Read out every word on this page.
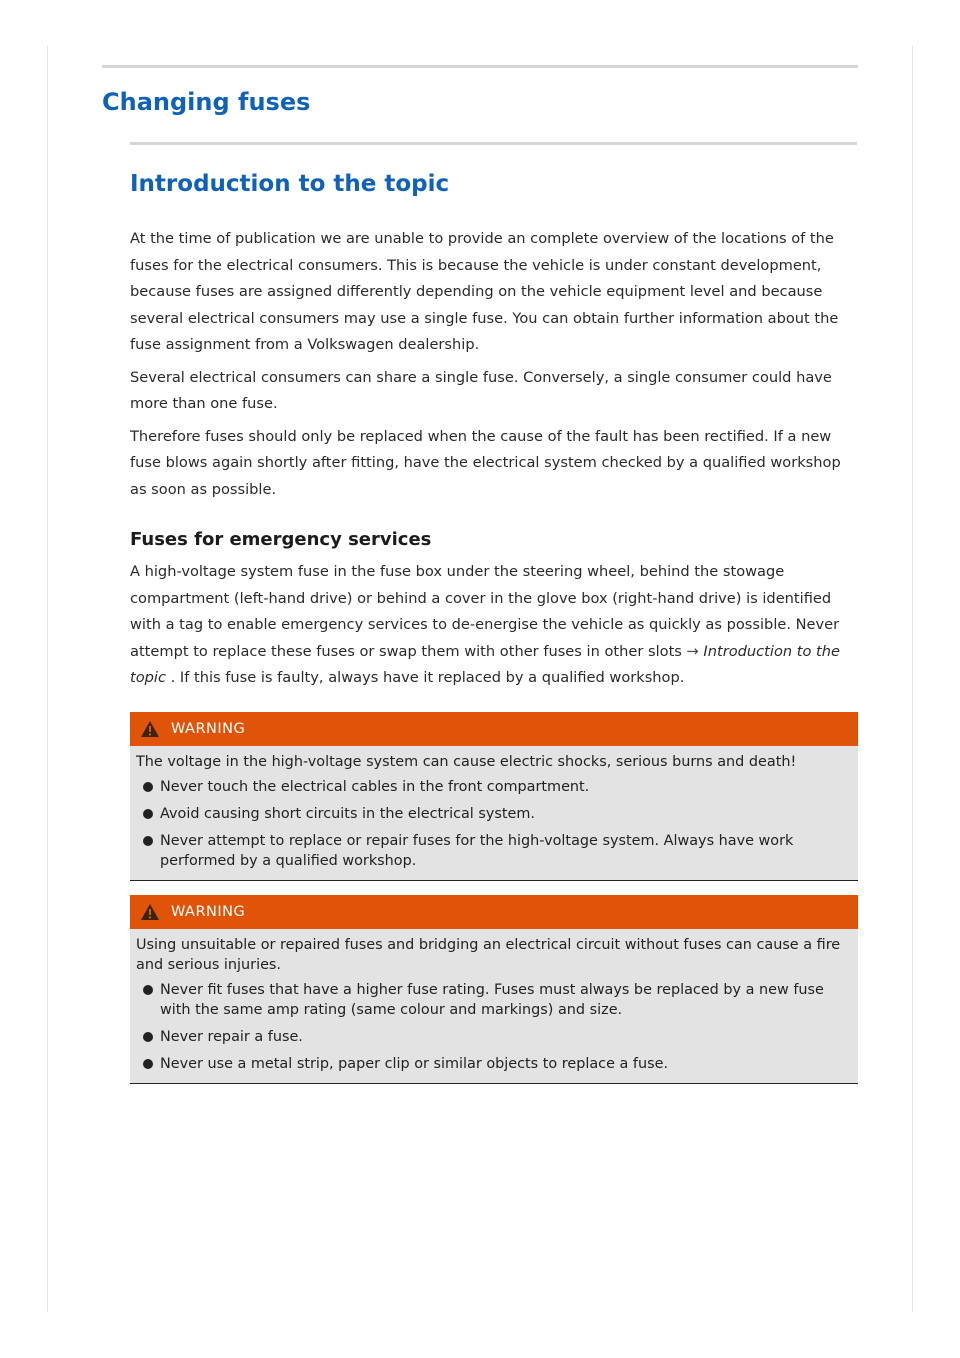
Changing fuses
Introduction to the topic

At the time of publication we are unable to provide an complete overview of the locations of the fuses for the electrical consumers. This is because the vehicle is under constant development, because fuses are assigned differently depending on the vehicle equipment level and because several electrical consumers may use a single fuse. You can obtain further information about the fuse assignment from a Volkswagen dealership.

Several electrical consumers can share a single fuse. Conversely, a single consumer could have more than one fuse.

Therefore fuses should only be replaced when the cause of the fault has been rectified. If a new fuse blows again shortly after fitting, have the electrical system checked by a qualified workshop as soon as possible.

Fuses for emergency services

A high-voltage system fuse in the fuse box under the steering wheel, behind the stowage compartment (left-hand drive) or behind a cover in the glove box (right-hand drive) is identified with a tag to enable emergency services to de-energise the vehicle as quickly as possible. Never attempt to replace these fuses or swap them with other fuses in other slots → Introduction to the topic . If this fuse is faulty, always have it replaced by a qualified workshop.

WARNING

The voltage in the high-voltage system can cause electric shocks, serious burns and death!

Never touch the electrical cables in the front compartment.
Avoid causing short circuits in the electrical system.
Never attempt to replace or repair fuses for the high-voltage system. Always have work performed by a qualified workshop.
WARNING

Using unsuitable or repaired fuses and bridging an electrical circuit without fuses can cause a fire and serious injuries.

Never fit fuses that have a higher fuse rating. Fuses must always be replaced by a new fuse with the same amp rating (same colour and markings) and size.
Never repair a fuse.
Never use a metal strip, paper clip or similar objects to replace a fuse.
